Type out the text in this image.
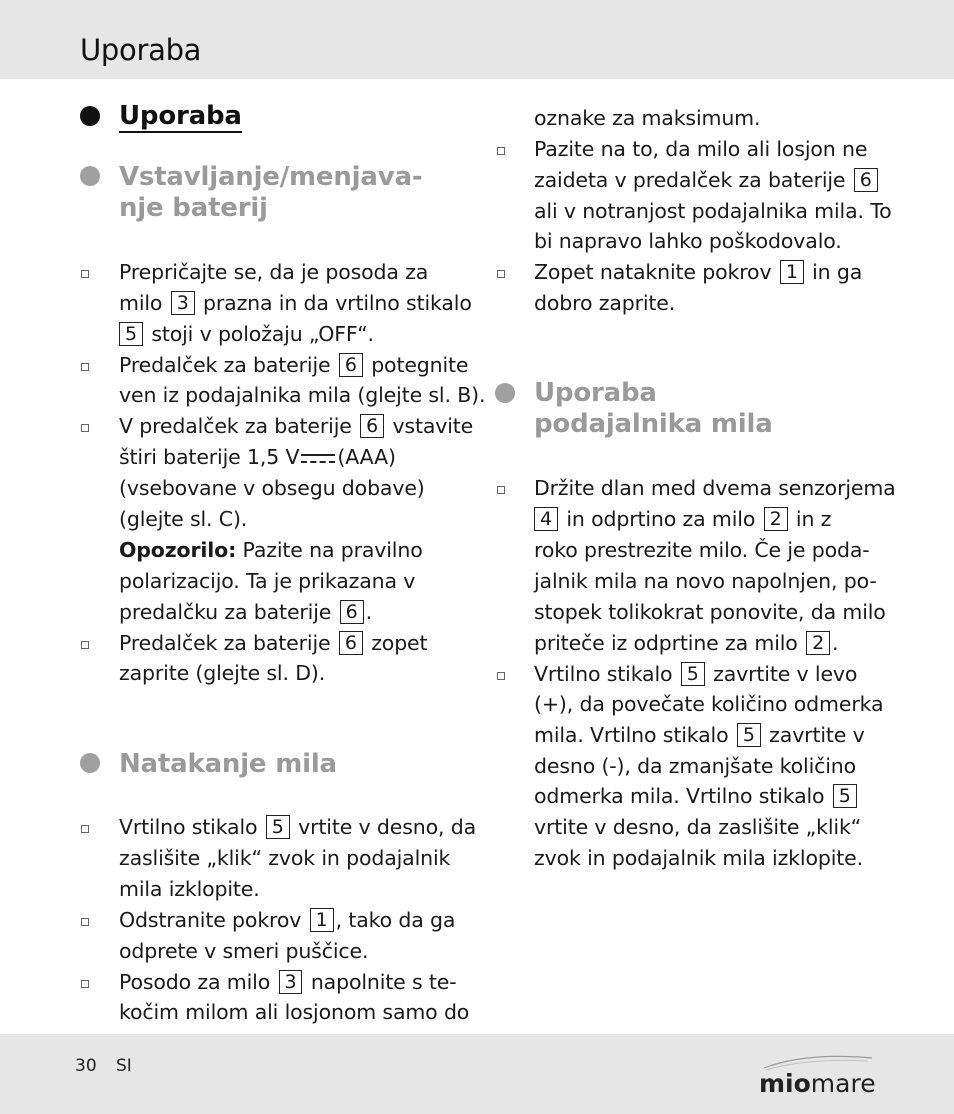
Uporaba
Uporaba
Vstavljanje/menjava-
nje baterij
Prepričajte se, da je posoda za
milo 3 prazna in da vrtilno stikalo
5 stoji v položaju „OFF“.
Predalček za baterije 6 potegnite
ven iz podajalnika mila (glejte sl. B).
V predalček za baterije 6 vstavite
štiri baterije 1,5 V (AAA)
(vsebovane v obsegu dobave)
(glejte sl. C).
Opozorilo: Pazite na pravilno
polarizacijo. Ta je prikazana v
predalčku za baterije 6 .
Predalček za baterije 6 zopet
zaprite (glejte sl. D).
Natakanje mila
Vrtilno stikalo 5 vrtite v desno, da
zaslišite „klik“ zvok in podajalnik
mila izklopite.
Odstranite pokrov 1 , tako da ga
odprete v smeri puščice.
Posodo za milo 3 napolnite s te-
kočim milom ali losjonom samo do
oznake za maksimum.
Pazite na to, da milo ali losjon ne
zaideta v predalček za baterije 6
ali v notranjost podajalnika mila. To
bi napravo lahko poškodovalo.
Zopet nataknite pokrov 1 in ga
dobro zaprite.
Uporaba
podajalnika mila
Držite dlan med dvema senzorjema
4 in odprtino za milo 2 in z
roko prestrezite milo. Če je poda-
jalnik mila na novo napolnjen, po-
stopek tolikokrat ponovite, da milo
priteče iz odprtine za milo 2 .
Vrtilno stikalo 5 zavrtite v levo
(+), da povečate količino odmerka
mila. Vrtilno stikalo 5 zavrtite v
desno (-), da zmanjšate količino
odmerka mila. Vrtilno stikalo 5
vrtite v desno, da zaslišite „klik“
zvok in podajalnik mila izklopite.
30 SI
miomare
